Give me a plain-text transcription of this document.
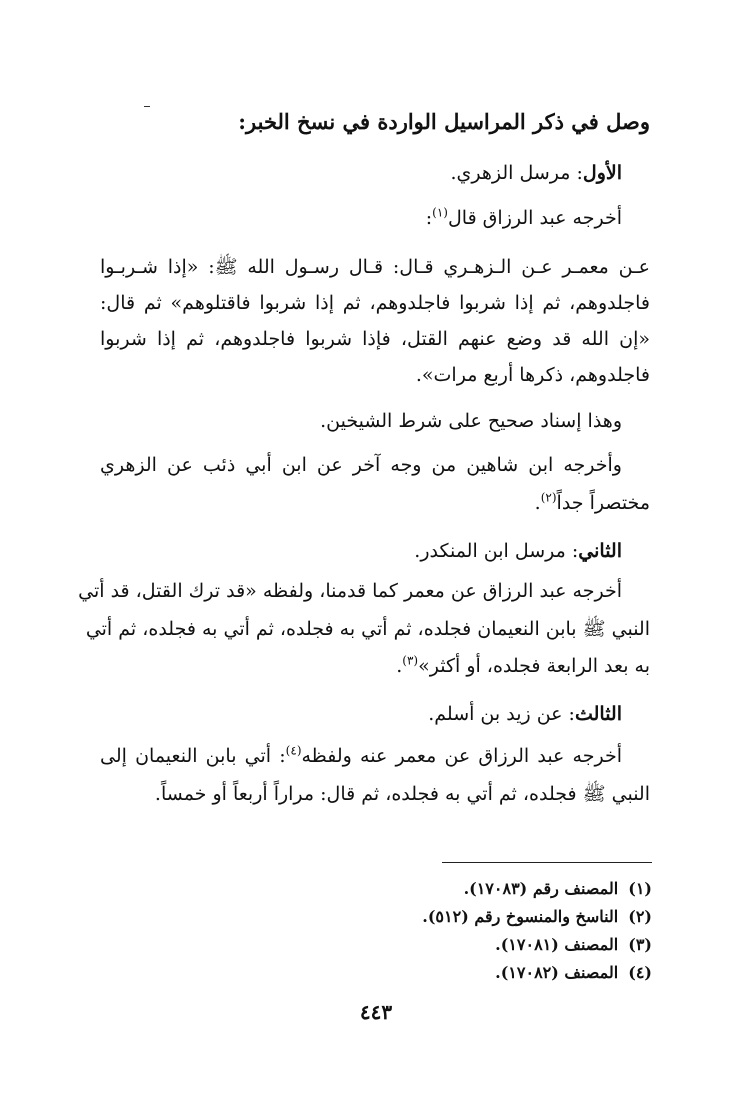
وصل في ذكر المراسيل الواردة في نسخ الخبر:
الأول: مرسل الزهري.
أخرجه عبد الرزاق قال$^{(١)}$:
عـن معمـر عـن الـزهـري قـال: قـال رسـول الله ﷺ: «إذا شـربـوا
فاجلدوهم، ثم إذا شربوا فاجلدوهم، ثم إذا شربوا فاقتلوهم» ثم قال:
«إن الله قد وضع عنهم القتل، فإذا شربوا فاجلدوهم، ثم إذا شربوا
فاجلدوهم، ذكرها أربع مرات».
وهذا إسناد صحيح على شرط الشيخين.
وأخرجه ابن شاهين من وجه آخر عن ابن أبي ذئب عن الزهري
مختصراً جداً$^{(٢)}$.
الثاني: مرسل ابن المنكدر.
أخرجه عبد الرزاق عن معمر كما قدمنا، ولفظه «قد ترك القتل، قد أتي
النبي ﷺ بابن النعيمان فجلده، ثم أتي به فجلده، ثم أتي به فجلده، ثم أتي
به بعد الرابعة فجلده، أو أكثر»$^{(٣)}$.
الثالث: عن زيد بن أسلم.
أخرجه عبد الرزاق عن معمر عنه ولفظه$^{(٤)}$: أتي بابن النعيمان إلى
النبي ﷺ فجلده، ثم أتي به فجلده، ثم قال: مراراً أربعاً أو خمساً.
(١)المصنف رقم (١٧٠٨٣).
(٢)الناسخ والمنسوخ رقم (٥١٢).
(٣)المصنف (١٧٠٨١).
(٤)المصنف (١٧٠٨٢).
٤٤٣
